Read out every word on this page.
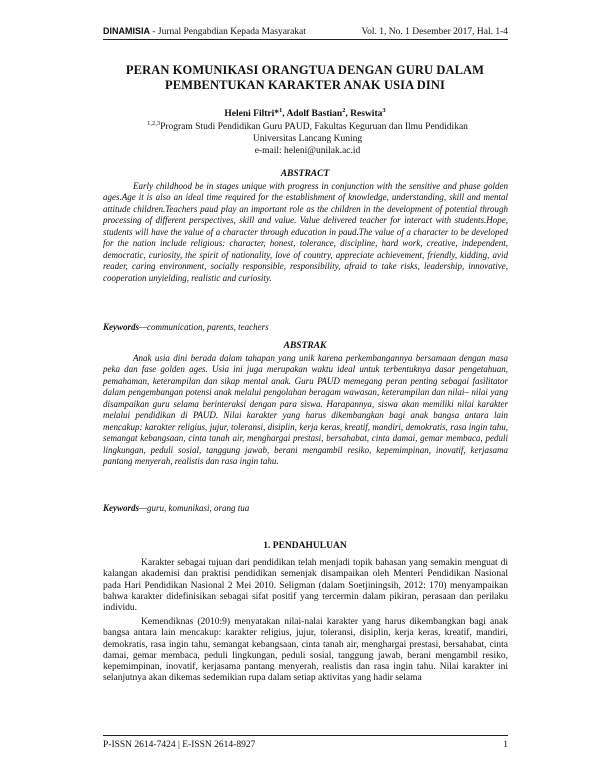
DINAMISIA - Jurnal Pengabdian Kepada Masyarakat	Vol. 1, No. 1 Desember 2017, Hal. 1-4
PERAN KOMUNIKASI ORANGTUA DENGAN GURU DALAM
PEMBENTUKAN KARAKTER ANAK USIA DINI
Heleni Filtri*$^1$, Adolf Bastian$^2$, Reswita$^3$
$^{1,2,3}$Program Studi Pendidikan Guru PAUD, Fakultas Keguruan dan Ilmu Pendidikan
Universitas Lancang Kuning
e-mail: heleni@unilak.ac.id
ABSTRACT
Early childhood be in stages unique with progress in conjunction with the sensitive and phase golden ages.Age it is also an ideal time required for the establishment of knowledge, understanding, skill and mental attitude children.Teachers paud play an important role as the children in the development of potential through processing of different perspectives, skill and value. Value delivered teacher for interact with students.Hope, students will have the value of a character through education in paud.The value of a character to be developed for the nation include religious: character, honest, tolerance, discipline, hard work, creative, independent, democratic, curiosity, the spirit of nationality, love of country, appreciate achievement, friendly, kidding, avid reader, caring environment, socially responsible, responsibility, afraid to take risks, leadership, innovative, cooperation unyielding, realistic and curiosity.
Keywords—communication, parents, teachers
ABSTRAK
Anak usia dini berada dalam tahapan yang unik karena perkembangannya bersamaan dengan masa peka dan fase golden ages. Usia ini juga merupakan waktu ideal untuk terbentuknya dasar pengetahuan, pemahaman, keterampilan dan sikap mental anak. Guru PAUD memegang peran penting sebagai fasilitator dalam pengembangan potensi anak melalui pengolahan beragam wawasan, keterampilan dan nilai– nilai yang disampaikan guru selama berinteraksi dengan para siswa. Harapannya, siswa akan memiliki nilai karakter melalui pendidikan di PAUD. Nilai karakter yang harus dikembangkan bagi anak bangsa antara lain mencakup: karakter religius, jujur, toleransi, disiplin, kerja keras, kreatif, mandiri, demokratis, rasa ingin tahu, semangat kebangsaan, cinta tanah air, menghargai prestasi, bersahabat, cinta damai, gemar membaca, peduli lingkungan, peduli sosial, tanggung jawab, berani mengambil resiko, kepemimpinan, inovatif, kerjasama pantang menyerah, realistis dan rasa ingin tahu.
Keywords—guru, komunikasi, orang tua
1. PENDAHULUAN
Karakter sebagai tujuan dari pendidikan telah menjadi topik bahasan yang semakin menguat di kalangan akademisi dan praktisi pendidikan semenjak disampaikan oleh Menteri Pendidikan Nasional pada Hari Pendidikan Nasional 2 Mei 2010. Seligman (dalam Soetjiningsih, 2012: 170) menyampaikan bahwa karakter didefinisikan sebagai sifat positif yang tercermin dalam pikiran, perasaan dan perilaku individu.
Kemendiknas (2010:9) menyatakan nilai-nalai karakter yang harus dikembangkan bagi anak bangsa antara lain mencakup: karakter religius, jujur, toleransi, disiplin, kerja keras, kreatif, mandiri, demokratis, rasa ingin tahu, semangat kebangsaan, cinta tanah air, menghargai prestasi, bersahabat, cinta damai, gemar membaca, peduli lingkungan, peduli sosial, tanggung jawab, berani mengambil resiko, kepemimpinan, inovatif, kerjasama pantang menyerah, realistis dan rasa ingin tahu. Nilai karakter ini selanjutnya akan dikemas sedemikian rupa dalam setiap aktivitas yang hadir selama
P-ISSN 2614-7424 | E-ISSN 2614-8927	1
